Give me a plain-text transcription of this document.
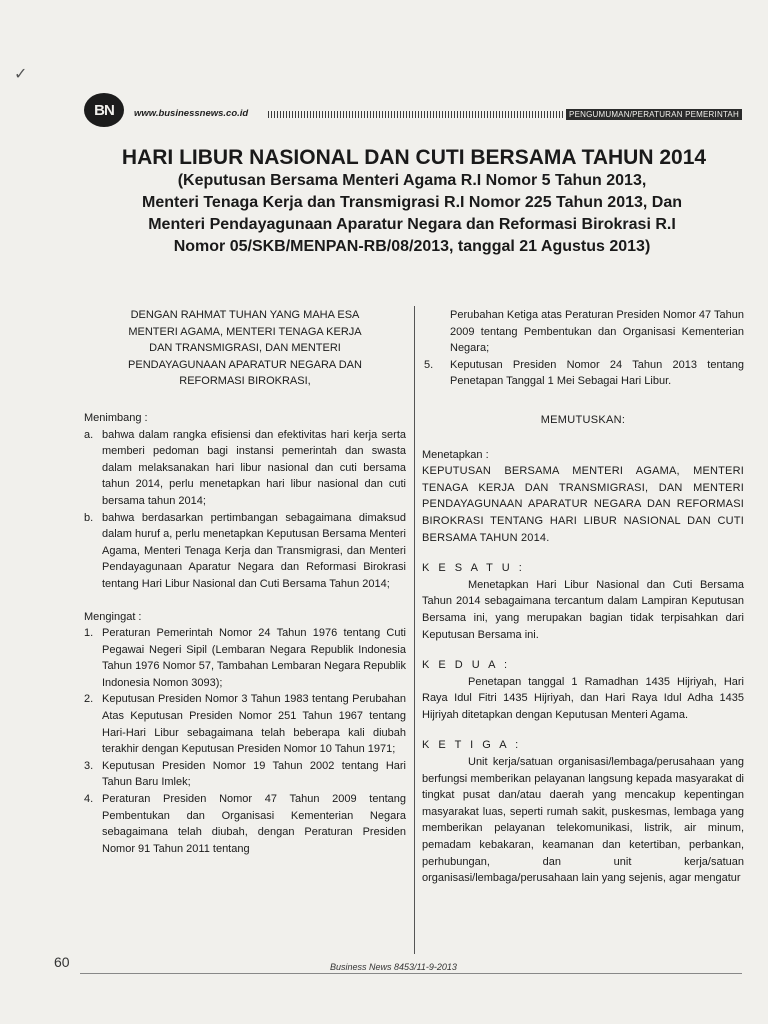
✓
BN	www.businessnews.co.id	PENGUMUMAN/PERATURAN PEMERINTAH
HARI LIBUR NASIONAL DAN CUTI BERSAMA TAHUN 2014
(Keputusan Bersama Menteri Agama R.I Nomor 5 Tahun 2013,
Menteri Tenaga Kerja dan Transmigrasi R.I Nomor 225 Tahun 2013, Dan
Menteri Pendayagunaan Aparatur Negara dan Reformasi Birokrasi R.I
Nomor 05/SKB/MENPAN-RB/08/2013, tanggal 21 Agustus 2013)
DENGAN RAHMAT TUHAN YANG MAHA ESA
MENTERI AGAMA, MENTERI TENAGA KERJA
DAN TRANSMIGRASI, DAN MENTERI
PENDAYAGUNAAN APARATUR NEGARA DAN
REFORMASI BIROKRASI,
Menimbang :
a. bahwa dalam rangka efisiensi dan efektivitas hari kerja serta memberi pedoman bagi instansi pemerintah dan swasta dalam melaksanakan hari libur nasional dan cuti bersama tahun 2014, perlu menetapkan hari libur nasional dan cuti bersama tahun 2014;
b. bahwa berdasarkan pertimbangan sebagaimana dimaksud dalam huruf a, perlu menetapkan Keputusan Bersama Menteri Agama, Menteri Tenaga Kerja dan Transmigrasi, dan Menteri Pendayagunaan Aparatur Negara dan Reformasi Birokrasi tentang Hari Libur Nasional dan Cuti Bersama Tahun 2014;
Mengingat :
1. Peraturan Pemerintah Nomor 24 Tahun 1976 tentang Cuti Pegawai Negeri Sipil (Lembaran Negara Republik Indonesia Tahun 1976 Nomor 57, Tambahan Lembaran Negara Republik Indonesia Nomon 3093);
2. Keputusan Presiden Nomor 3 Tahun 1983 tentang Perubahan Atas Keputusan Presiden Nomor 251 Tahun 1967 tentang Hari-Hari Libur sebagaimana telah beberapa kali diubah terakhir dengan Keputusan Presiden Nomor 10 Tahun 1971;
3. Keputusan Presiden Nomor 19 Tahun 2002 tentang Hari Tahun Baru Imlek;
4. Peraturan Presiden Nomor 47 Tahun 2009 tentang Pembentukan dan Organisasi Kementerian Negara sebagaimana telah diubah, dengan Peraturan Presiden Nomor 91 Tahun 2011 tentang
Perubahan Ketiga atas Peraturan Presiden Nomor 47 Tahun 2009 tentang Pembentukan dan Organisasi Kementerian Negara;
5. Keputusan Presiden Nomor 24 Tahun 2013 tentang Penetapan Tanggal 1 Mei Sebagai Hari Libur.
MEMUTUSKAN:
Menetapkan :
KEPUTUSAN BERSAMA MENTERI AGAMA, MENTERI TENAGA KERJA DAN TRANSMIGRASI, DAN MENTERI PENDAYAGUNAAN APARATUR NEGARA DAN REFORMASI BIROKRASI TENTANG HARI LIBUR NASIONAL DAN CUTI BERSAMA TAHUN 2014.
K E S A T U :
Menetapkan Hari Libur Nasional dan Cuti Bersama Tahun 2014 sebagaimana tercantum dalam Lampiran Keputusan Bersama ini, yang merupakan bagian tidak terpisahkan dari Keputusan Bersama ini.
K E D U A :
Penetapan tanggal 1 Ramadhan 1435 Hijriyah, Hari Raya Idul Fitri 1435 Hijriyah, dan Hari Raya Idul Adha 1435 Hijriyah ditetapkan dengan Keputusan Menteri Agama.
K E T I G A :
Unit kerja/satuan organisasi/lembaga/perusahaan yang berfungsi memberikan pelayanan langsung kepada masyarakat di tingkat pusat dan/atau daerah yang mencakup kepentingan masyarakat luas, seperti rumah sakit, puskesmas, lembaga yang memberikan pelayanan telekomunikasi, listrik, air minum, pemadam kebakaran, keamanan dan ketertiban, perbankan, perhubungan, dan unit kerja/satuan organisasi/lembaga/perusahaan lain yang sejenis, agar mengatur
60	Business News 8453/11-9-2013
